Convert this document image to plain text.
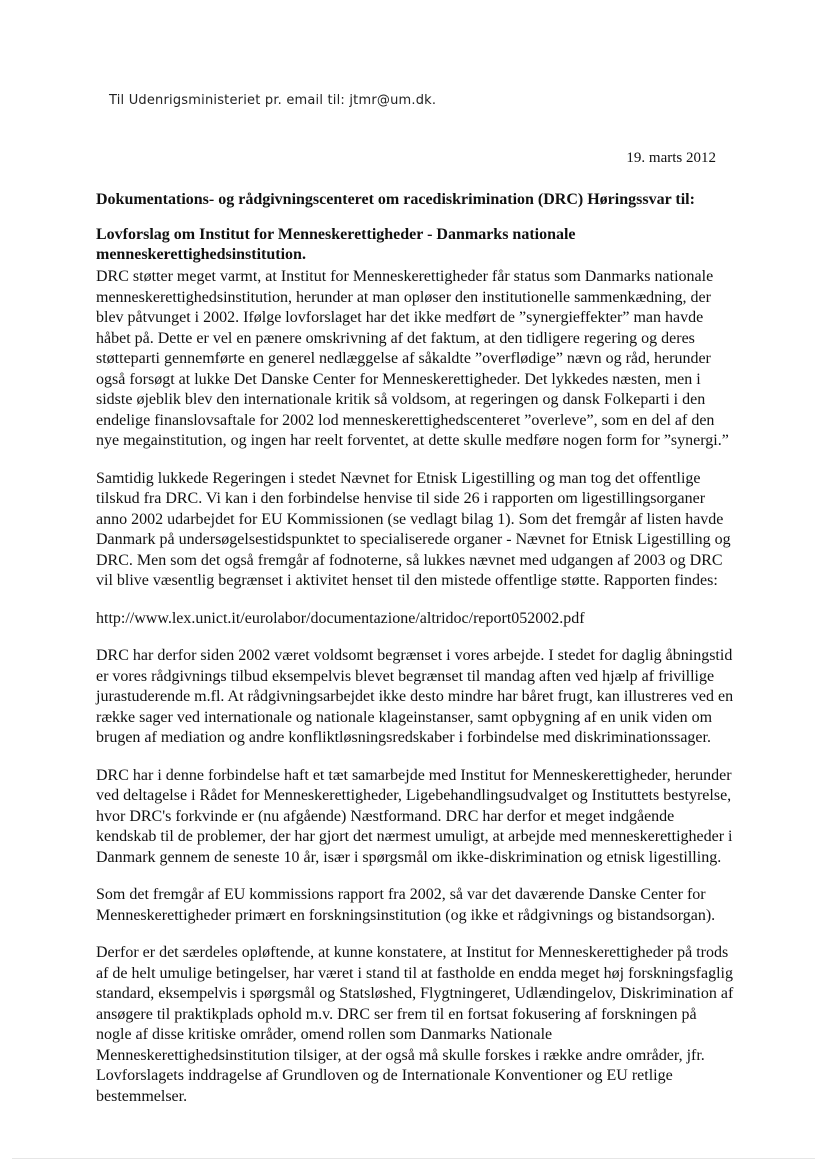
Til Udenrigsministeriet pr. email til: jtmr@um.dk.
19. marts 2012
Dokumentations- og rådgivningscenteret om racediskrimination (DRC) Høringssvar til:
Lovforslag om Institut for Menneskerettigheder - Danmarks nationale menneskerettighedsinstitution.

DRC støtter meget varmt, at Institut for Menneskerettigheder får status som Danmarks nationale menneskerettighedsinstitution, herunder at man opløser den institutionelle sammenkædning, der blev påtvunget i 2002. Ifølge lovforslaget har det ikke medført de ”synergieffekter” man havde håbet på. Dette er vel en pænere omskrivning af det faktum, at den tidligere regering og deres støtteparti gennemførte en generel nedlæggelse af såkaldte ”overflødige” nævn og råd, herunder også forsøgt at lukke Det Danske Center for Menneskerettigheder. Det lykkedes næsten, men i sidste øjeblik blev den internationale kritik så voldsom, at regeringen og dansk Folkeparti i den endelige finanslovsaftale for 2002 lod menneskerettighedscenteret ”overleve”, som en del af den nye megainstitution, og ingen har reelt forventet, at dette skulle medføre nogen form for ”synergi.”

Samtidig lukkede Regeringen i stedet Nævnet for Etnisk Ligestilling og man tog det offentlige tilskud fra DRC. Vi kan i den forbindelse henvise til side 26 i rapporten om ligestillingsorganer anno 2002 udarbejdet for EU Kommissionen (se vedlagt bilag 1). Som det fremgår af listen havde Danmark på undersøgelsestidspunktet to specialiserede organer - Nævnet for Etnisk Ligestilling og DRC. Men som det også fremgår af fodnoterne, så lukkes nævnet med udgangen af 2003 og DRC vil blive væsentlig begrænset i aktivitet henset til den mistede offentlige støtte. Rapporten findes:

http://www.lex.unict.it/eurolabor/documentazione/altridoc/report052002.pdf

DRC har derfor siden 2002 været voldsomt begrænset i vores arbejde. I stedet for daglig åbningstid er vores rådgivnings tilbud eksempelvis blevet begrænset til mandag aften ved hjælp af frivillige jurastuderende m.fl. At rådgivningsarbejdet ikke desto mindre har båret frugt, kan illustreres ved en række sager ved internationale og nationale klageinstanser, samt opbygning af en unik viden om brugen af mediation og andre konfliktløsningsredskaber i forbindelse med diskriminationssager.

DRC har i denne forbindelse haft et tæt samarbejde med Institut for Menneskerettigheder, herunder ved deltagelse i Rådet for Menneskerettigheder, Ligebehandlingsudvalget og Instituttets bestyrelse, hvor DRC's forkvinde er (nu afgående) Næstformand. DRC har derfor et meget indgående kendskab til de problemer, der har gjort det nærmest umuligt, at arbejde med menneskerettigheder i Danmark gennem de seneste 10 år, især i spørgsmål om ikke-diskrimination og etnisk ligestilling.

Som det fremgår af EU kommissions rapport fra 2002, så var det daværende Danske Center for Menneskerettigheder primært en forskningsinstitution (og ikke et rådgivnings og bistandsorgan).

Derfor er det særdeles opløftende, at kunne konstatere, at Institut for Menneskerettigheder på trods af de helt umulige betingelser, har været i stand til at fastholde en endda meget høj forskningsfaglig standard, eksempelvis i spørgsmål og Statsløshed, Flygtningeret, Udlændingelov, Diskrimination af ansøgere til praktikplads ophold m.v. DRC ser frem til en fortsat fokusering af forskningen på nogle af disse kritiske områder, omend rollen som Danmarks Nationale Menneskerettighedsinstitution tilsiger, at der også må skulle forskes i række andre områder, jfr. Lovforslagets inddragelse af Grundloven og de Internationale Konventioner og EU retlige bestemmelser.
